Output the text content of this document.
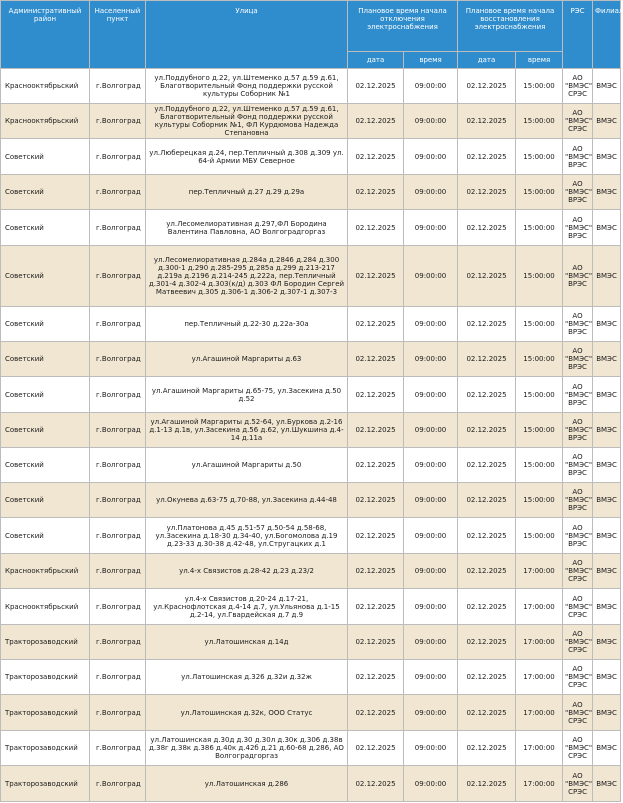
Административный район	Населенный пункт	Улица	Плановое время начала отключения электроснабжения		Плановое время начала восстановления электроснабжения		РЭС	Филиал
			дата	время	дата	время		
Красноoктябрьский	г.Волгоград	ул.Поддубного д.22, ул.Штеменко д.57 д.59 д.61, Благотворительный Фонд поддержки русской культуры Соборник №1	02.12.2025	09:00:00	02.12.2025	15:00:00	АО "ВМЭС" СРЭС	ВМЭС
Красноoктябрьский	г.Волгоград	ул.Поддубного д.22, ул.Штеменко д.57 д.59 д.61, Благотворительный Фонд поддержки русской культуры Соборник №1, ФЛ Курдюмова Надежда Степановна	02.12.2025	09:00:00	02.12.2025	15:00:00	АО "ВМЭС" СРЭС	ВМЭС
Советский	г.Волгоград	ул.Люберецкая д.24, пер.Тепличный д.308 д.309 ул. 64-й Армии МБУ Северное	02.12.2025	09:00:00	02.12.2025	15:00:00	АО "ВМЭС" ВРЭС	ВМЭС
Советский	г.Волгоград	пер.Тепличный д.27 д.29 д.29а	02.12.2025	09:00:00	02.12.2025	15:00:00	АО "ВМЭС" ВРЭС	ВМЭС
Советский	г.Волгоград	ул.Лесомелиоративная д.297,ФЛ Бородина Валентина Павловна, АО Волгоградгоргаз	02.12.2025	09:00:00	02.12.2025	15:00:00	АО "ВМЭС" ВРЭС	ВМЭС
Советский	г.Волгоград	ул.Лесомелиоративная д.284а д.2846 д.284 д.300 д.300-1 д.290 д.285-295 д.285а д.299 д.213-217 д.219а д.2196 д.214-245 д.222а, пер.Тепличный д.301-4 д.302-4 д.303(к/д) д.303 ФЛ Бородин Сергей Матвеевич д.305 д.306-1 д.306-2 д.307-1 д.307-3	02.12.2025	09:00:00	02.12.2025	15:00:00	АО "ВМЭС" ВРЭС	ВМЭС
Советский	г.Волгоград	пер.Тепличный д.22-30 д.22а-30а	02.12.2025	09:00:00	02.12.2025	15:00:00	АО "ВМЭС" ВРЭС	ВМЭС
Советский	г.Волгоград	ул.Агашиной Маргариты д.63	02.12.2025	09:00:00	02.12.2025	15:00:00	АО "ВМЭС" ВРЭС	ВМЭС
Советский	г.Волгоград	ул.Агашиной Маргариты д.65-75, ул.Засекина д.50 д.52	02.12.2025	09:00:00	02.12.2025	15:00:00	АО "ВМЭС" ВРЭС	ВМЭС
Советский	г.Волгоград	ул.Агашиной Маргариты д.52-64, ул.Буркова д.2-16 д.1-13 д.1в, ул.Засекина д.56 д.62, ул.Шукшина д.4-14 д.11а	02.12.2025	09:00:00	02.12.2025	15:00:00	АО "ВМЭС" ВРЭС	ВМЭС
Советский	г.Волгоград	ул.Агашиной Маргариты д.50	02.12.2025	09:00:00	02.12.2025	15:00:00	АО "ВМЭС" ВРЭС	ВМЭС
Советский	г.Волгоград	ул.Окунева д.63-75 д.70-88, ул.Засекина д.44-48	02.12.2025	09:00:00	02.12.2025	15:00:00	АО "ВМЭС" ВРЭС	ВМЭС
Советский	г.Волгоград	ул.Платонова д.45 д.51-57 д.50-54 д.58-68, ул.Засекина д.18-30 д.34-40, ул.Богомолова д.19 д.23-33 д.30-38 д.42-48, ул.Стругацких д.1	02.12.2025	09:00:00	02.12.2025	15:00:00	АО "ВМЭС" ВРЭС	ВМЭС
Красноoктябрьский	г.Волгоград	ул.4-х Связистов д.28-42 д.23 д.23/2	02.12.2025	09:00:00	02.12.2025	17:00:00	АО "ВМЭС" СРЭС	ВМЭС
Красноoктябрьский	г.Волгоград	ул.4-х Связистов д.20-24 д.17-21, ул.Краснофлотская д.4-14 д.7, ул.Ульянова д.1-15 д.2-14, ул.Гвардейская д.7 д.9	02.12.2025	09:00:00	02.12.2025	17:00:00	АО "ВМЭС" СРЭС	ВМЭС
Тракторозаводский	г.Волгоград	ул.Латошинская д.14д	02.12.2025	09:00:00	02.12.2025	17:00:00	АО "ВМЭС" СРЭС	ВМЭС
Тракторозаводский	г.Волгоград	ул.Латошинская д.326 д.32и д.32ж	02.12.2025	09:00:00	02.12.2025	17:00:00	АО "ВМЭС" СРЭС	ВМЭС
Тракторозаводский	г.Волгоград	ул.Латошинская д.32к, ООО Статус	02.12.2025	09:00:00	02.12.2025	17:00:00	АО "ВМЭС" СРЭС	ВМЭС
Тракторозаводский	г.Волгоград	ул.Латошинская д.30д д.30 д.30л д.30к д.306 д.38в д.38г д.38к д.386 д.40к д.42б д.21 д.60-68 д.286, АО Волгоградгоргаз	02.12.2025	09:00:00	02.12.2025	17:00:00	АО "ВМЭС" СРЭС	ВМЭС
Тракторозаводский	г.Волгоград	ул.Латошинская д.286	02.12.2025	09:00:00	02.12.2025	17:00:00	АО "ВМЭС" СРЭС	ВМЭС
